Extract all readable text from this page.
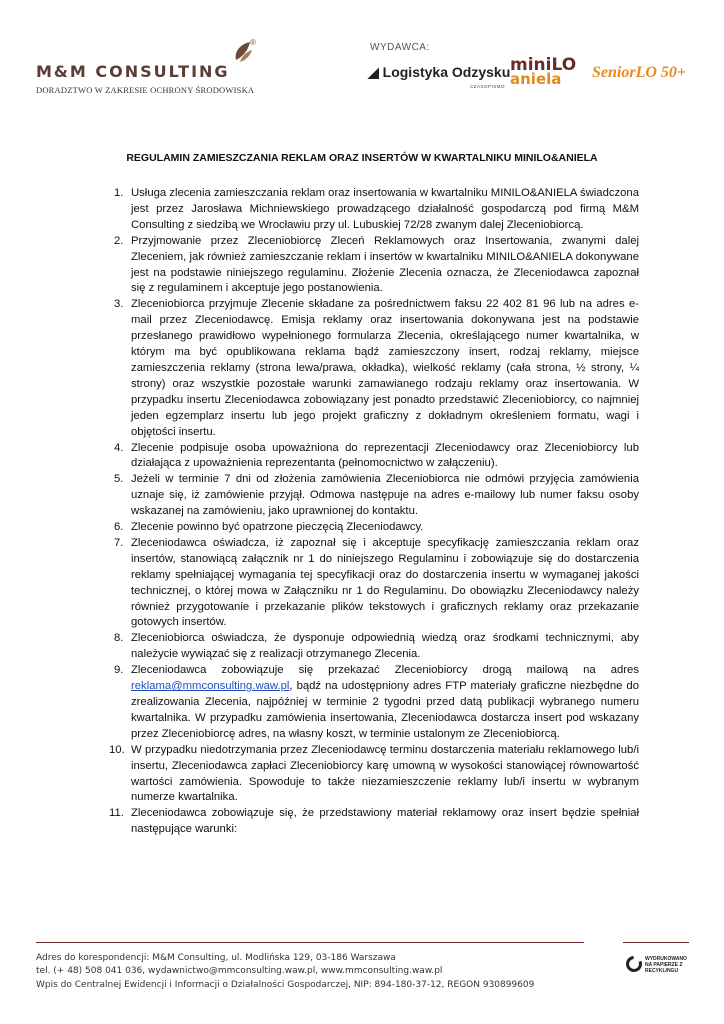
®
M&M CONSULTING
DORADZTWO W ZAKRESIE OCHRONY ŚRODOWISKA
WYDAWCA:
◢ Logistyka Odzysku
CZASOPISMO
miniLO
aniela	SeniorLO 50+
REGULAMIN ZAMIESZCZANIA REKLAM ORAZ INSERTÓW W KWARTALNIKU MINILO&ANIELA
1. Usługa zlecenia zamieszczania reklam oraz insertowania w kwartalniku MINILO&ANIELA świadczona jest przez Jarosława Michniewskiego prowadzącego działalność gospodarczą pod firmą M&M Consulting z siedzibą we Wrocławiu przy ul. Lubuskiej 72/28 zwanym dalej Zleceniobiorcą.
2. Przyjmowanie przez Zleceniobiorcę Zleceń Reklamowych oraz Insertowania, zwanymi dalej Zleceniem, jak również zamieszczanie reklam i insertów w kwartalniku MINILO&ANIELA dokonywane jest na podstawie niniejszego regulaminu. Złożenie Zlecenia oznacza, że Zleceniodawca zapoznał się z regulaminem i akceptuje jego postanowienia.
3. Zleceniobiorca przyjmuje Zlecenie składane za pośrednictwem faksu 22 402 81 96 lub na adres e-mail przez Zleceniodawcę. Emisja reklamy oraz insertowania dokonywana jest na podstawie przesłanego prawidłowo wypełnionego formularza Zlecenia, określającego numer kwartalnika, w którym ma być opublikowana reklama bądź zamieszczony insert, rodzaj reklamy, miejsce zamieszczenia reklamy (strona lewa/prawa, okładka), wielkość reklamy (cała strona, ½ strony, ¼ strony) oraz wszystkie pozostałe warunki zamawianego rodzaju reklamy oraz insertowania. W przypadku insertu Zleceniodawca zobowiązany jest ponadto przedstawić Zleceniobiorcy, co najmniej jeden egzemplarz insertu lub jego projekt graficzny z dokładnym określeniem formatu, wagi i objętości insertu.
4. Zlecenie podpisuje osoba upoważniona do reprezentacji Zleceniodawcy oraz Zleceniobiorcy lub działająca z upoważnienia reprezentanta (pełnomocnictwo w załączeniu).
5. Jeżeli w terminie 7 dni od złożenia zamówienia Zleceniobiorca nie odmówi przyjęcia zamówienia uznaje się, iż zamówienie przyjął. Odmowa następuje na adres e-mailowy lub numer faksu osoby wskazanej na zamówieniu, jako uprawnionej do kontaktu.
6. Zlecenie powinno być opatrzone pieczęcią Zleceniodawcy.
7. Zleceniodawca oświadcza, iż zapoznał się i akceptuje specyfikację zamieszczania reklam oraz insertów, stanowiącą załącznik nr 1 do niniejszego Regulaminu i zobowiązuje się do dostarczenia reklamy spełniającej wymagania tej specyfikacji oraz do dostarczenia insertu w wymaganej jakości technicznej, o której mowa w Załączniku nr 1 do Regulaminu. Do obowiązku Zleceniodawcy należy również przygotowanie i przekazanie plików tekstowych i graficznych reklamy oraz przekazanie gotowych insertów.
8. Zleceniobiorca oświadcza, że dysponuje odpowiednią wiedzą oraz środkami technicznymi, aby należycie wywiązać się z realizacji otrzymanego Zlecenia.
9. Zleceniodawca zobowiązuje się przekazać Zleceniobiorcy drogą mailową na adres reklama@mmconsulting.waw.pl, bądź na udostępniony adres FTP materiały graficzne niezbędne do zrealizowania Zlecenia, najpóźniej w terminie 2 tygodni przed datą publikacji wybranego numeru kwartalnika. W przypadku zamówienia insertowania, Zleceniodawca dostarcza insert pod wskazany przez Zleceniobiorcę adres, na własny koszt, w terminie ustalonym ze Zleceniobiorcą.
10. W przypadku niedotrzymania przez Zleceniodawcę terminu dostarczenia materiału reklamowego lub/i insertu, Zleceniodawca zapłaci Zleceniobiorcy karę umowną w wysokości stanowiącej równowartość wartości zamówienia. Spowoduje to także niezamieszczenie reklamy lub/i insertu w wybranym numerze kwartalnika.
11. Zleceniodawca zobowiązuje się, że przedstawiony materiał reklamowy oraz insert będzie spełniał następujące warunki:
Adres do korespondencji: M&M Consulting, ul. Modlińska 129, 03-186 Warszawa
tel. (+ 48) 508 041 036, wydawnictwo@mmconsulting.waw.pl, www.mmconsulting.waw.pl
Wpis do Centralnej Ewidencji i Informacji o Działalności Gospodarczej, NIP: 894-180-37-12, REGON 930899609
WYDRUKOWANO NA PAPIERZE Z RECYKLINGU
